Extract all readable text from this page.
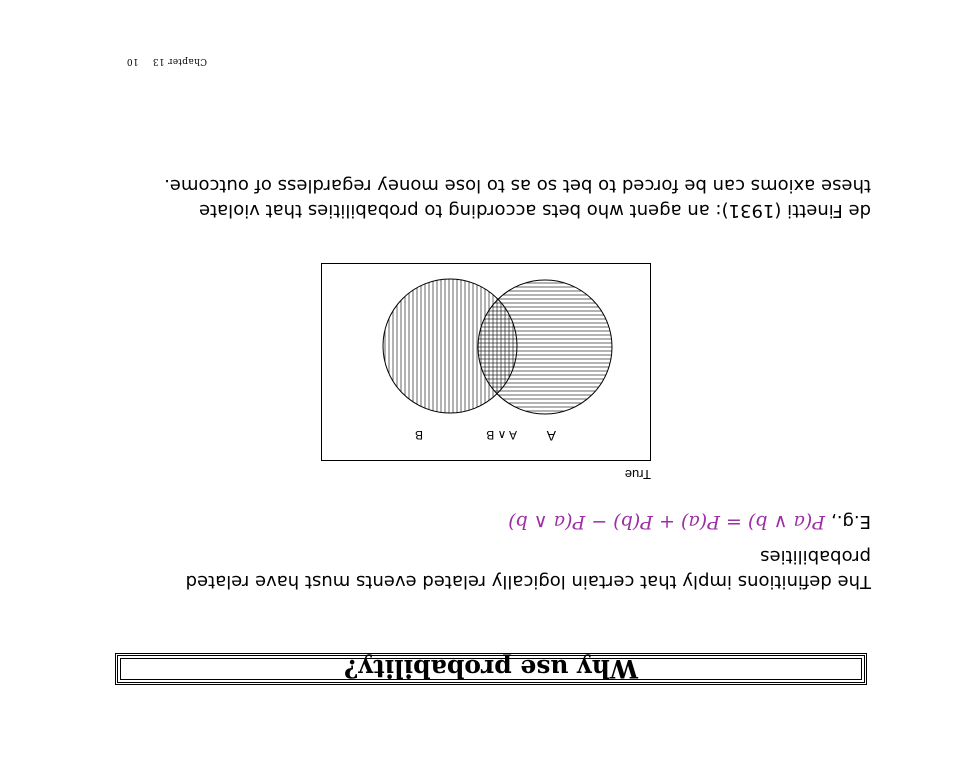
Chapter 1310
Why use probability?
The definitions imply that certain logically related events must have related
probabilities
E.g.,P(a ∨ b) = P(a) + P(b) − P(a ∧ b)
True
A
A ∧ B
B
de Finetti (1931): an agent who bets according to probabilities that violate
these axioms can be forced to bet so as to lose money regardless of outcome.
